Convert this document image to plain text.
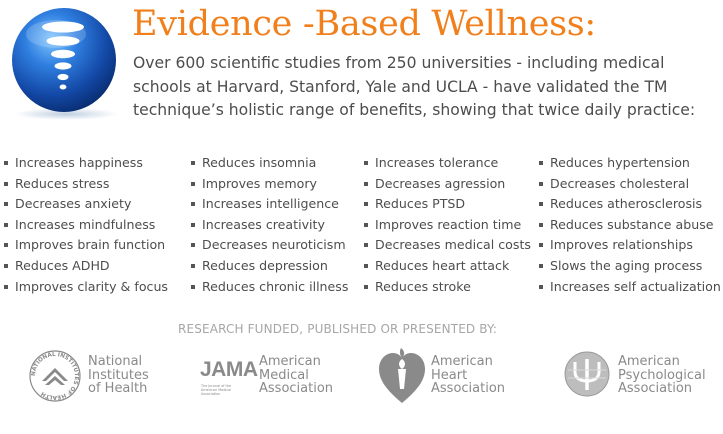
Evidence -Based Wellness:

Over 600 scientific studies from 250 universities - including medical
schools at Harvard, Stanford, Yale and UCLA - have validated the TM
technique’s holistic range of benefits, showing that twice daily practice:

Increases happiness
Reduces stress
Decreases anxiety
Increases mindfulness
Improves brain function
Reduces ADHD
Improves clarity & focus
Reduces insomnia
Improves memory
Increases intelligence
Increases creativity
Decreases neuroticism
Reduces depression
Reduces chronic illness
Increases tolerance
Decreases agression
Reduces PTSD
Improves reaction time
Decreases medical costs
Reduces heart attack
Reduces stroke
Reduces hypertension
Decreases cholesteral
Reduces atherosclerosis
Reduces substance abuse
Improves relationships
Slows the aging process
Increases self actualization

RESEARCH FUNDED, PUBLISHED OR PRESENTED BY:

NATIONAL INSTITUTES OF HEALTH
National
Institutes
of Health
JAMA
The Journal of the
American Medical
Association
American
Medical
Association
American
Heart
Association
American
Psychological
Association
